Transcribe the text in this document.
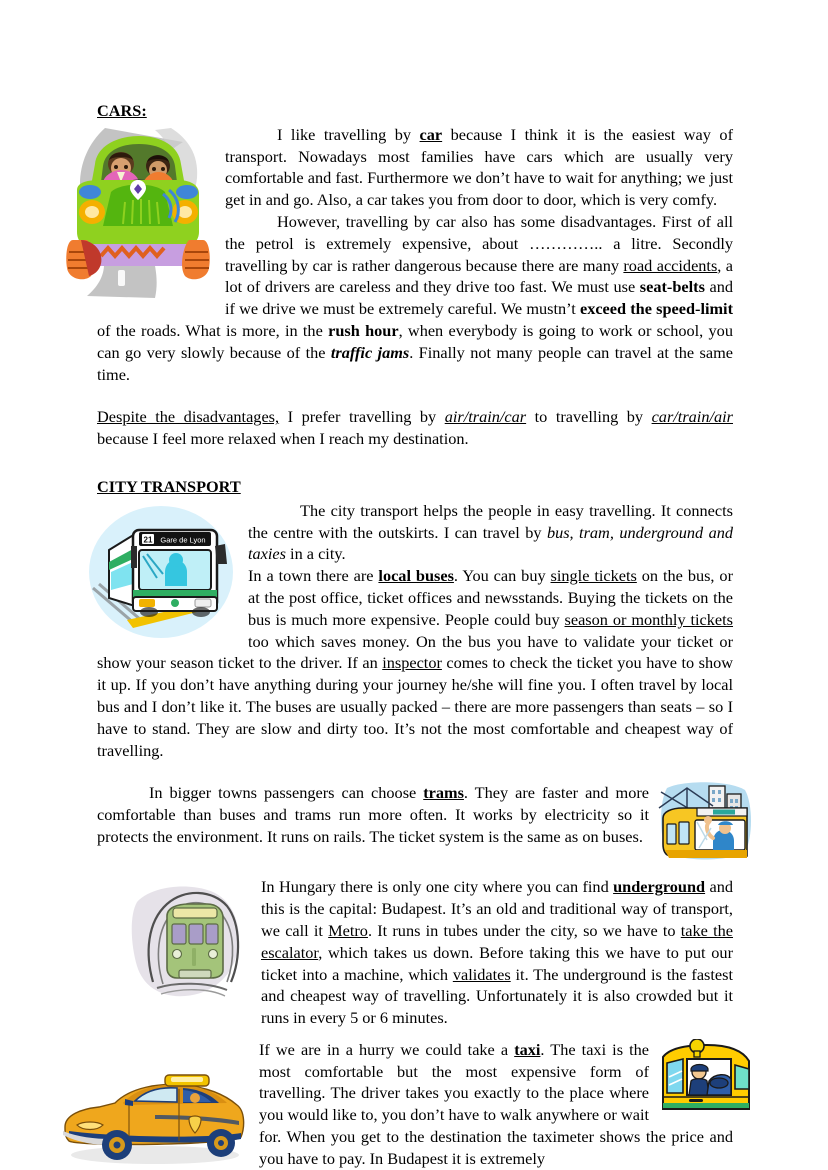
CARS:

I like travelling by car because I think it is the easiest way of transport. Nowadays most families have cars which are usually very comfortable and fast. Furthermore we don’t have to wait for anything; we just get in and go. Also, a car takes you from door to door, which is very comfy.

However, travelling by car also has some disadvantages. First of all the petrol is extremely expensive, about ………….. a litre. Secondly travelling by car is rather dangerous because there are many road accidents, a lot of drivers are careless and they drive too fast. We must use seat-belts and if we drive we must be extremely careful. We mustn’t exceed the speed-limit of the roads. What is more, in the rush hour, when everybody is going to work or school, you can go very slowly because of the traffic jams. Finally not many people can travel at the same time.

Despite the disadvantages, I prefer travelling by air/train/car to travelling by car/train/air because I feel more relaxed when I reach my destination.

CITY TRANSPORT
21 Gare de Lyon

The city transport helps the people in easy travelling. It connects the centre with the outskirts. I can travel by bus, tram, underground and taxies in a city.

In a town there are local buses. You can buy single tickets on the bus, or at the post office, ticket offices and newsstands. Buying the tickets on the bus is much more expensive. People could buy season or monthly tickets too which saves money. On the bus you have to validate your ticket or show your season ticket to the driver. If an inspector comes to check the ticket you have to show it up. If you don’t have anything during your journey he/she will fine you. I often travel by local bus and I don’t like it. The buses are usually packed – there are more passengers than seats – so I have to stand. They are slow and dirty too. It’s not the most comfortable and cheapest way of travelling.

In bigger towns passengers can choose trams. They are faster and more comfortable than buses and trams run more often. It works by electricity so it protects the environment. It runs on rails. The ticket system is the same as on buses.

In Hungary there is only one city where you can find underground and this is the capital: Budapest. It’s an old and traditional way of transport, we call it Metro. It runs in tubes under the city, so we have to take the escalator, which takes us down. Before taking this we have to put our ticket into a machine, which validates it. The underground is the fastest and cheapest way of travelling. Unfortunately it is also crowded but it runs in every 5 or 6 minutes.

If we are in a hurry we could take a taxi. The taxi is the most comfortable but the most expensive form of travelling. The driver takes you exactly to the place where you would like to, you don’t have to walk anywhere or wait for. When you get to the destination the taximeter shows the price and you have to pay. In Budapest it is extremely
